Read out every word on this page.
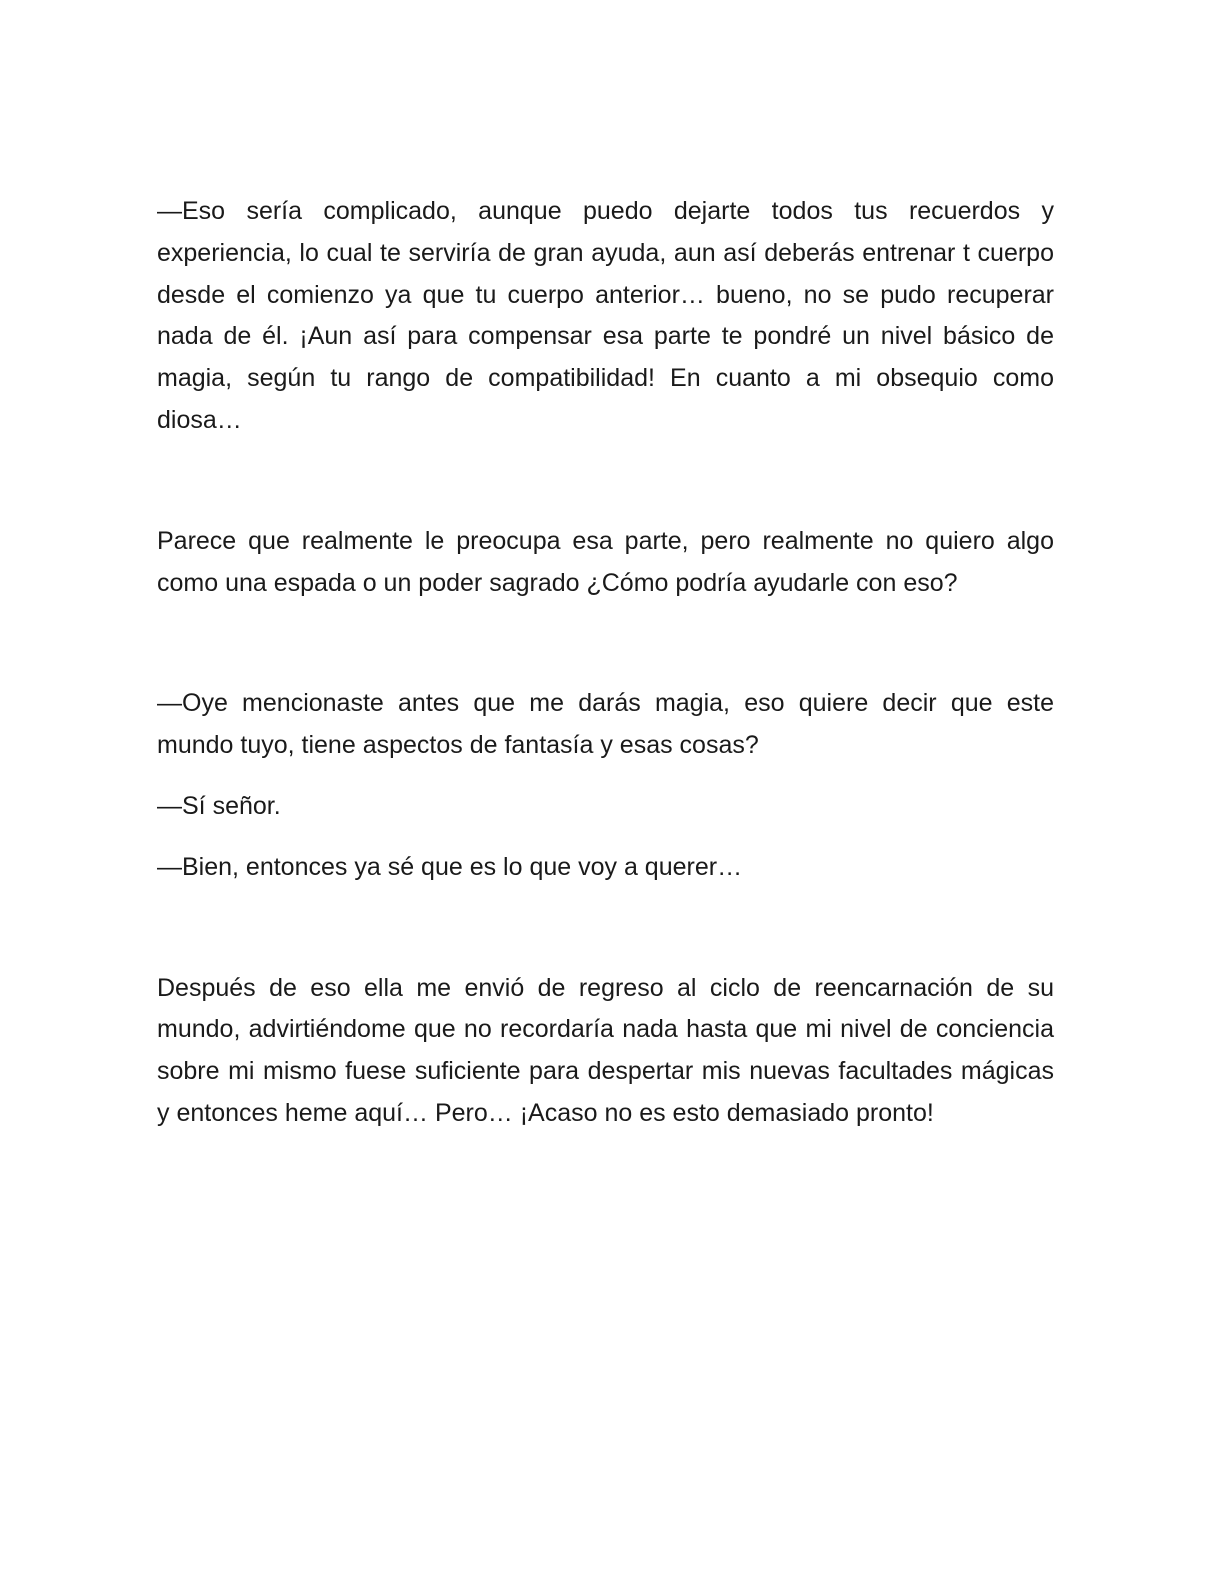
—Eso sería complicado, aunque puedo dejarte todos tus recuerdos y experiencia, lo cual te serviría de gran ayuda, aun así deberás entrenar t cuerpo desde el comienzo ya que tu cuerpo anterior… bueno, no se pudo recuperar nada de él. ¡Aun así para compensar esa parte te pondré un nivel básico de magia, según tu rango de compatibilidad! En cuanto a mi obsequio como diosa…

Parece que realmente le preocupa esa parte, pero realmente no quiero algo como una espada o un poder sagrado ¿Cómo podría ayudarle con eso?

—Oye mencionaste antes que me darás magia, eso quiere decir que este mundo tuyo, tiene aspectos de fantasía y esas cosas?

—Sí señor.

—Bien, entonces ya sé que es lo que voy a querer…

Después de eso ella me envió de regreso al ciclo de reencarnación de su mundo, advirtiéndome que no recordaría nada hasta que mi nivel de conciencia sobre mi mismo fuese suficiente para despertar mis nuevas facultades mágicas y entonces heme aquí… Pero… ¡Acaso no es esto demasiado pronto!
